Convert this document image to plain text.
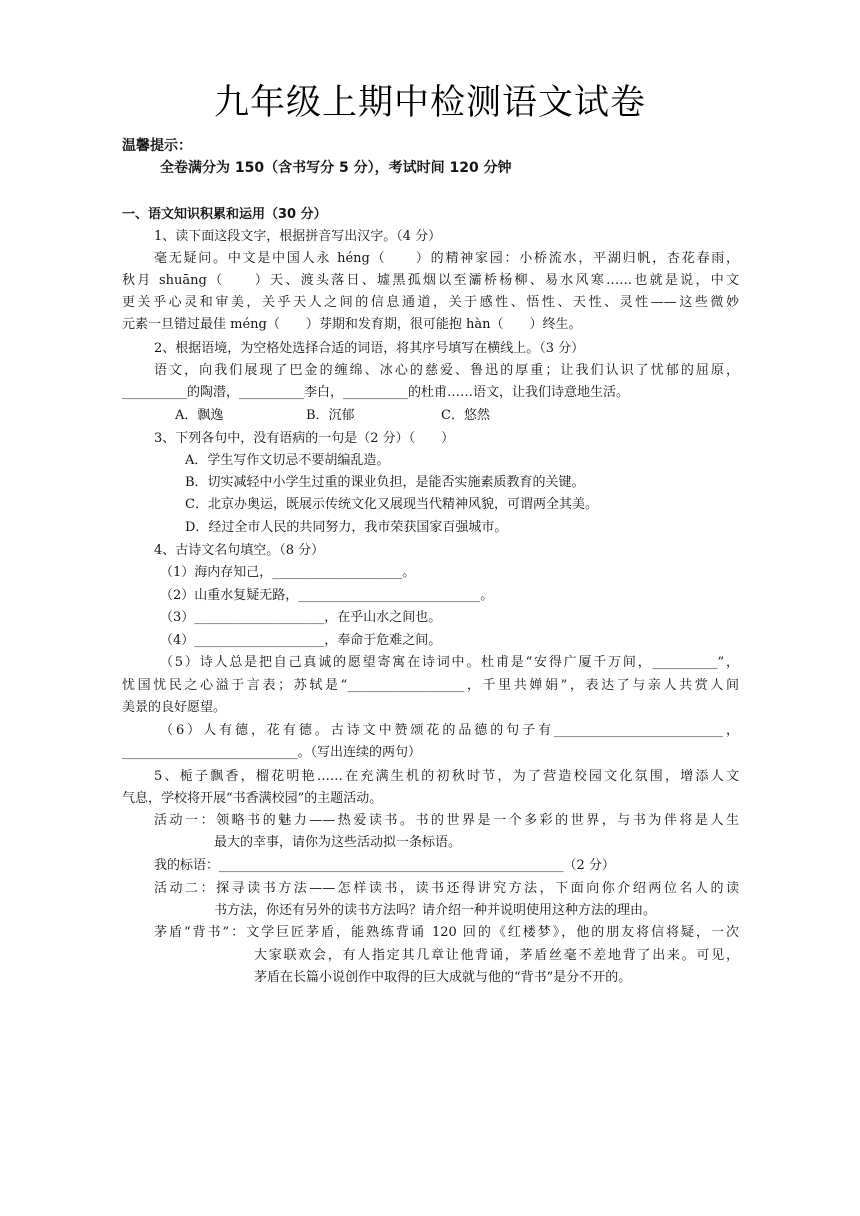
九年级上期中检测语文试卷
温馨提示：
全卷满分为 150（含书写分 5 分），考试时间 120 分钟
一、语文知识积累和运用（30 分）
1、读下面这段文字，根据拼音写出汉字。（4 分）
毫无疑问。中文是中国人永 héng（　　）的精神家园：小桥流水，平湖归帆，杏花春雨，
秋月 shuāng（　　）天、渡头落日、墟黑孤烟以至灞桥杨柳、易水风寒……也就是说，中文
更关乎心灵和审美，关乎天人之间的信息通道，关于感性、悟性、天性、灵性——这些微妙
元素一旦错过最佳 méng（　　）芽期和发育期，很可能抱 hàn（　　）终生。
2、根据语境，为空格处选择合适的词语，将其序号填写在横线上。（3 分）
语文，向我们展现了巴金的缠绵、冰心的慈爱、鲁迅的厚重；让我们认识了忧郁的屈原，
__________的陶潜，__________李白，__________的杜甫……语文，让我们诗意地生活。
A．飘逸	B．沉郁	C．悠然
3、下列各句中，没有语病的一句是（2 分）（　　）
A．学生写作文切忌不要胡编乱造。
B．切实减轻中小学生过重的课业负担，是能否实施素质教育的关键。
C．北京办奥运，既展示传统文化又展现当代精神风貌，可谓两全其美。
D．经过全市人民的共同努力，我市荣获国家百强城市。
4、古诗文名句填空。（8 分）
（1）海内存知己，____________________。
（2）山重水复疑无路，____________________________。
（3）____________________，在乎山水之间也。
（4）____________________，奉命于危难之间。
（5）诗人总是把自己真诚的愿望寄寓在诗词中。杜甫是“安得广厦千万间，__________”，
忧国忧民之心溢于言表；苏轼是“__________________，千里共婵娟”，表达了与亲人共赏人间
美景的良好愿望。
（6）人有德，花有德。古诗文中赞颂花的品德的句子有__________________________，
___________________________。（写出连续的两句）
5、栀子飘香，榴花明艳……在充满生机的初秋时节，为了营造校园文化氛围，增添人文
气息，学校将开展“书香满校园”的主题活动。
活动一：领略书的魅力——热爱读书。书的世界是一个多彩的世界，与书为伴将是人生
最大的幸事，请你为这些活动拟一条标语。
我的标语：_____________________________________________________（2 分）
活动二：探寻读书方法——怎样读书，读书还得讲究方法，下面向你介绍两位名人的读
书方法，你还有另外的读书方法吗？请介绍一种并说明使用这种方法的理由。
茅盾“背书”：文学巨匠茅盾，能熟练背诵 120 回的《红楼梦》，他的朋友将信将疑，一次
大家联欢会，有人指定其几章让他背诵，茅盾丝毫不差地背了出来。可见，
茅盾在长篇小说创作中取得的巨大成就与他的“背书”是分不开的。
